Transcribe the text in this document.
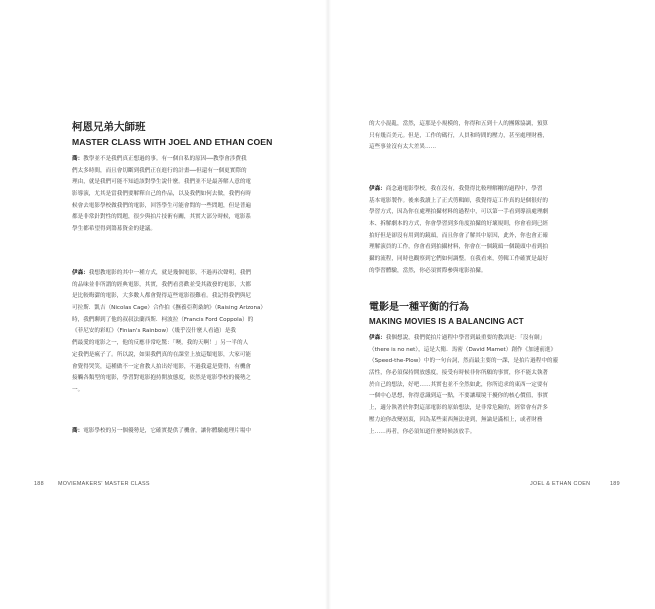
柯恩兄弟大師班
MASTER CLASS WITH JOEL AND ETHAN COEN
喬：教學並不是我們真正想過的事。有一個自私的原因──教學會涉費我
們太多時間，而且會切斷到我們正在進行的計畫──但還有一個更實際的
理由，就是我們可能不知道該對學生說什麼。我們並不是最善解人意的電
影導演，尤其是當我們要解釋自己的作品，以及我們如何去做，我們有時
候會去電影學校做我們的電影，回答學生可能會問的一些問題，但是普遍
都是非常針對性的問題，很少與拍片技術有關，其實大部分時候，電影系
學生都希望得到籌募資金的建議。
伊森：我想教電影的其中一種方式，就是幾個電影，不過再次聲明，我們
的品味並非所謂的經典電影，其實，我們看喜歡並受其啟發的電影，大都
是比較晦澀的電影，大多數人都會覺得這些電影很難看。我記得我們與尼
可拉斯．凱吉（Nicolas Cage）合作拍《撫養亞利桑納》（Raising Arizona）
時，我們聊到了他的叔叔法蘭西斯．柯波拉（Francis Ford Coppola）的
《菲尼安的彩虹》（Finian's Rainbow）（幾乎沒什麼人看過）是我
們最愛的電影之一，他的反應非常吃驚：「噢，我的天啊！」另一半的人
定我們是瘋子了。所以說，如果我們真的在課堂上放這類電影，大家可能
會覺得哭笑，這種做不一定會教人拍出好電影，不過我還是覺得，有機會
接觸各類型的電影，學習對電影抱持開放態度，依然是電影學校的優勢之
一。
喬：電影學校的另一個優勢是，它確實提供了機會，讓你體驗處理片場中
的大小混亂，當然，這那是小規模的，你得和五到十人的團隊協調，預算
只有幾百美元。但是，工作的碼行，人員和時間的壓力，甚至處理財務，
這些事並沒有太大差異……
伊森：商念過電影學校，我在沒有，我覺得比較理解剛的過程中，學習
基本電影製作。後來我讀上了正式剪輯師，我覺得這工作真的是個很好的
學習方式，因為你在處理拍攝材料的過程中，可以第一手看到導演處理劇
本、拆解劇本的方式，你會學習到多角度拍攝的好壞規則，你會看到已經
拍好但是卻沒有用到的鏡頭，而且你會了解其中原因，此外，你也會正確
理解演員的工作，你會看到拍攝材料，你會在一個鏡頭一個鏡頭中看到拍
攝的流程，同時也觀察到它們如何調整。在我看來，剪輯工作確實是最好
的學習體驗，當然，你必須實際參與電影拍攝。
電影是一種平衡的行為
MAKING MOVIES IS A BALANCING ACT
伊森：我個想說，我們從拍片過程中學習到最重要的教訓是：「沒有網」
（there is no net），這是大衛．馬密（David Mamet）創作《加速前進》
（Speed-the-Plow）中的一句台詞，然而最主要的一課，是拍片過程中的靈
活性，你必須保持開放態度，接受有時候非你所願的事實，你不能太執著
於自己的想法，好吧……其實也並不全然如此，你所追求的東西一定要有
一個中心思想，你得意識到這一點，不要讓環境干擾你的核心價值，事實
上，適分執著於你對這部電影的原始想法，是非常危險的，經常會有許多
壓力迫你改變初衷，因為某些東西無法達到，無論是滿相上，或者財務
上……再者，你必須知道什麼時候該放手。
188	MOVIEMAKERS' MASTER CLASS	JOEL & ETHAN COEN	189
